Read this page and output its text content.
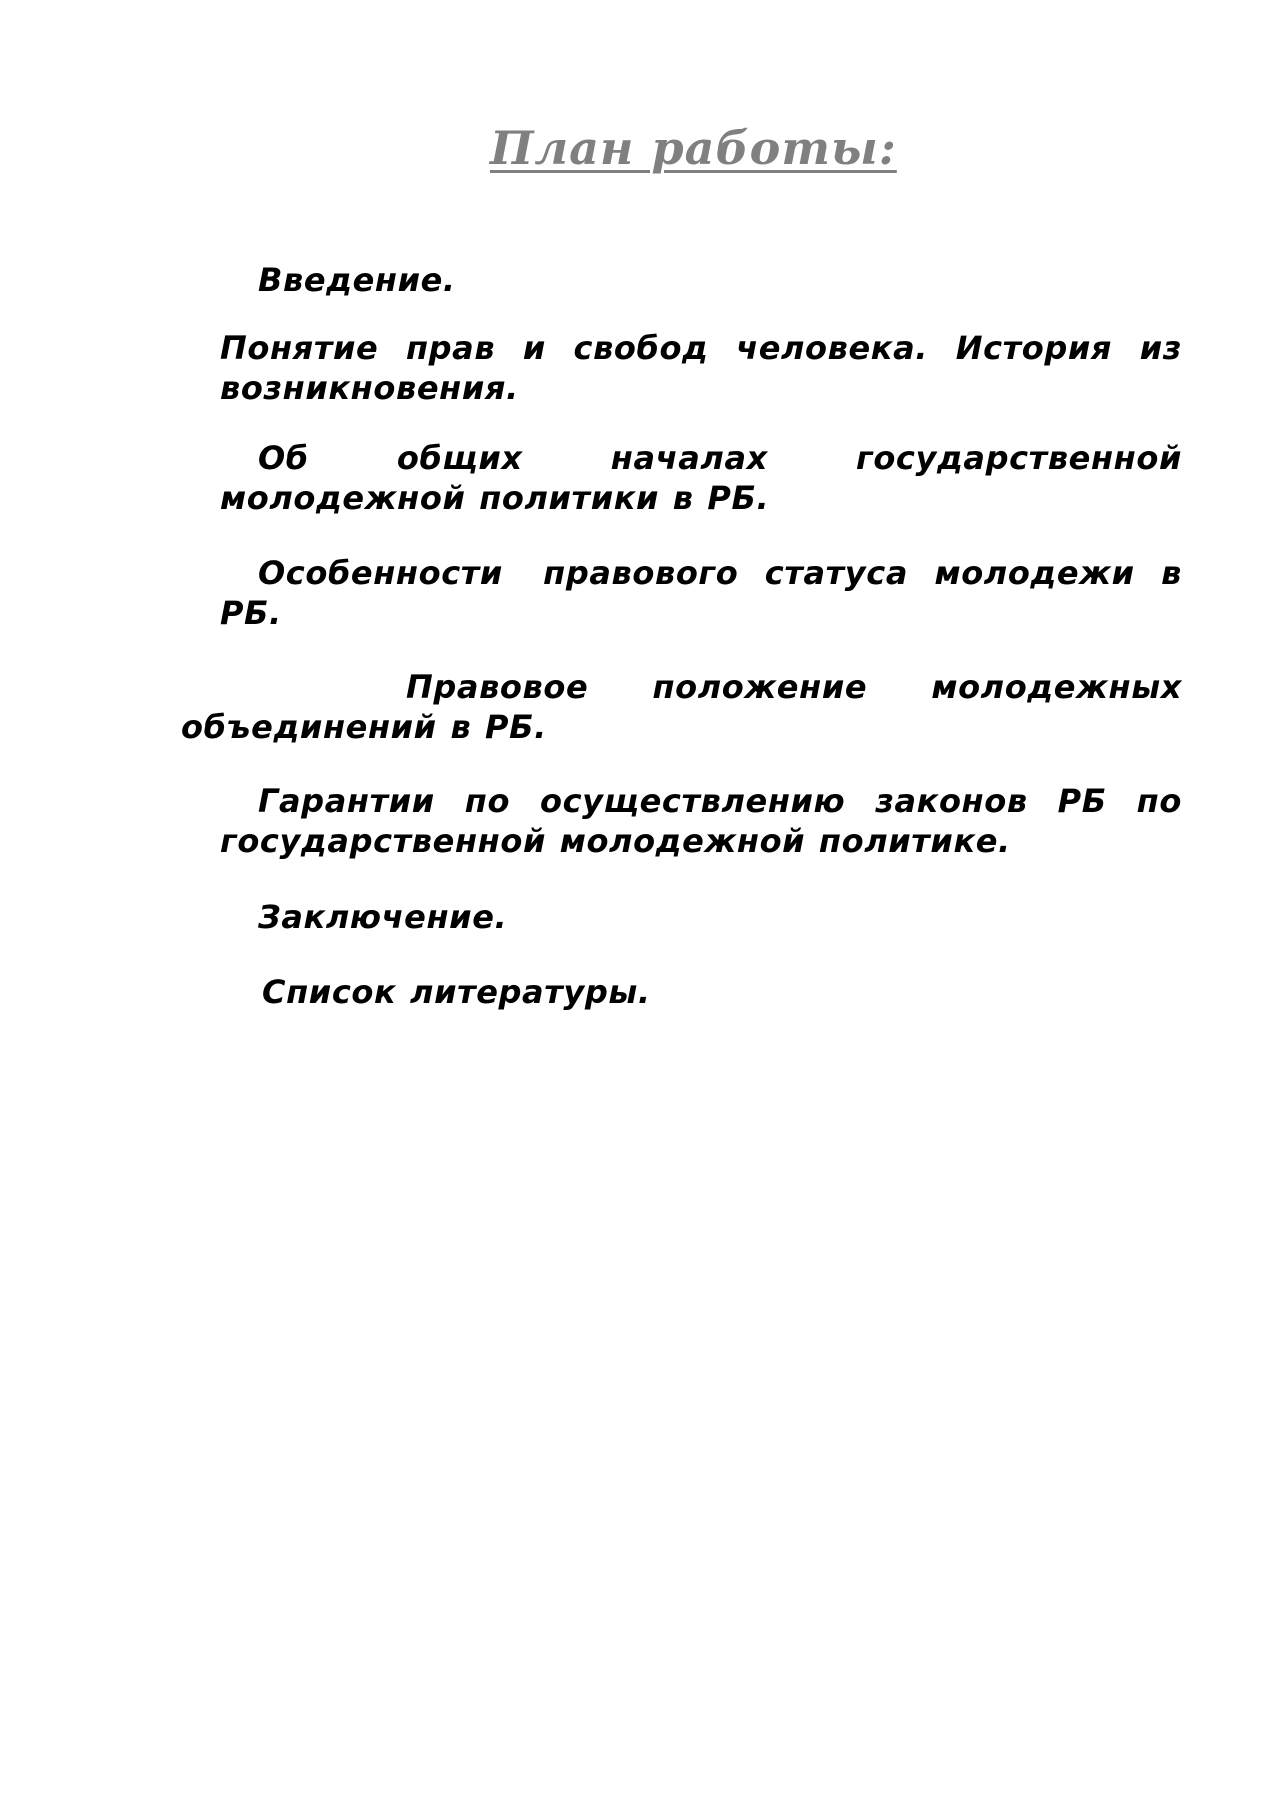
План работы:
Введение.
Понятие прав и свобод человека. История из
возникновения.
Об	общих	началах	государственной
молодежной политики в РБ.
Особенности правового статуса молодежи в
РБ.
Правовое положение молодежных
объединений в РБ.
Гарантии по осуществлению законов РБ по
государственной молодежной политике.
Заключение.
Список литературы.
